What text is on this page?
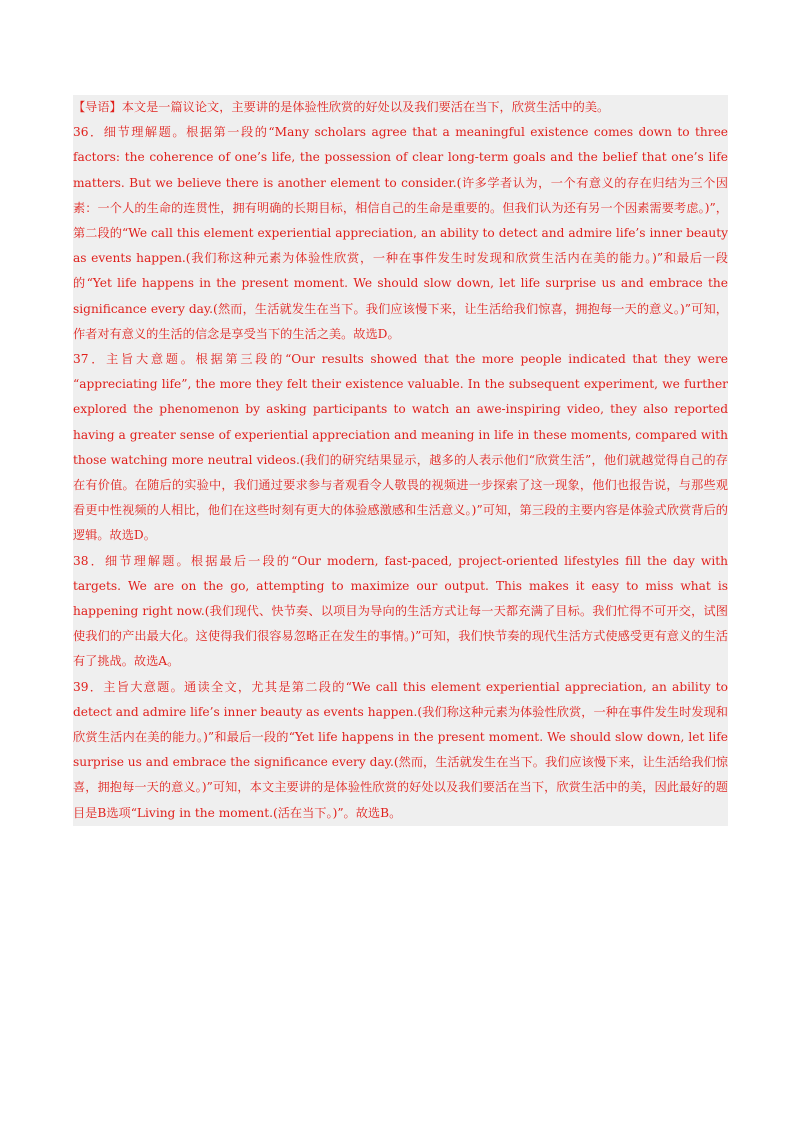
【导语】本文是一篇议论文，主要讲的是体验性欣赏的好处以及我们要活在当下，欣赏生活中的美。

36．细节理解题。根据第一段的“Many scholars agree that a meaningful existence comes down to three factors: the coherence of one’s life, the possession of clear long-term goals and the belief that one’s life matters. But we believe there is another element to consider.(许多学者认为，一个有意义的存在归结为三个因素：一个人的生命的连贯性，拥有明确的长期目标，相信自己的生命是重要的。但我们认为还有另一个因素需要考虑。)”，第二段的“We call this element experiential appreciation, an ability to detect and admire life’s inner beauty as events happen.(我们称这种元素为体验性欣赏，一种在事件发生时发现和欣赏生活内在美的能力。)”和最后一段的“Yet life happens in the present moment. We should slow down, let life surprise us and embrace the significance every day.(然而，生活就发生在当下。我们应该慢下来，让生活给我们惊喜，拥抱每一天的意义。)”可知，作者对有意义的生活的信念是享受当下的生活之美。故选D。

37．主旨大意题。根据第三段的“Our results showed that the more people indicated that they were “appreciating life”, the more they felt their existence valuable. In the subsequent experiment, we further explored the phenomenon by asking participants to watch an awe-inspiring video, they also reported having a greater sense of experiential appreciation and meaning in life in these moments, compared with those watching more neutral videos.(我们的研究结果显示，越多的人表示他们“欣赏生活”，他们就越觉得自己的存在有价值。在随后的实验中，我们通过要求参与者观看令人敬畏的视频进一步探索了这一现象，他们也报告说，与那些观看更中性视频的人相比，他们在这些时刻有更大的体验感激感和生活意义。)”可知，第三段的主要内容是体验式欣赏背后的逻辑。故选D。

38．细节理解题。根据最后一段的“Our modern, fast-paced, project-oriented lifestyles fill the day with targets. We are on the go, attempting to maximize our output. This makes it easy to miss what is happening right now.(我们现代、快节奏、以项目为导向的生活方式让每一天都充满了目标。我们忙得不可开交，试图使我们的产出最大化。这使得我们很容易忽略正在发生的事情。)”可知，我们快节奏的现代生活方式使感受更有意义的生活有了挑战。故选A。

39．主旨大意题。通读全文，尤其是第二段的“We call this element experiential appreciation, an ability to detect and admire life’s inner beauty as events happen.(我们称这种元素为体验性欣赏，一种在事件发生时发现和欣赏生活内在美的能力。)”和最后一段的“Yet life happens in the present moment. We should slow down, let life surprise us and embrace the significance every day.(然而，生活就发生在当下。我们应该慢下来，让生活给我们惊喜，拥抱每一天的意义。)”可知，本文主要讲的是体验性欣赏的好处以及我们要活在当下，欣赏生活中的美，因此最好的题目是B选项“Living in the moment.(活在当下。)”。故选B。
